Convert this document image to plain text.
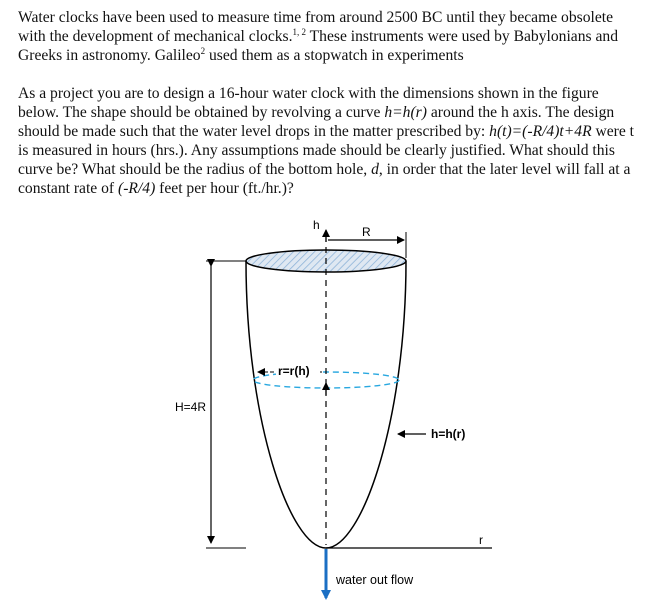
Water clocks have been used to measure time from around 2500 BC until they became obsolete with the development of mechanical clocks.$^{1, 2}$ These instruments were used by Babylonians and Greeks in astronomy. Galileo$^2$ used them as a stopwatch in experiments

As a project you are to design a 16-hour water clock with the dimensions shown in the figure below. The shape should be obtained by revolving a curve h=h(r) around the h axis. The design should be made such that the water level drops in the matter prescribed by: h(t)=(-R/4)t+4R were t is measured in hours (hrs.). Any assumptions made should be clearly justified. What should this curve be? What should be the radius of the bottom hole, d, in order that the later level will fall at a constant rate of (-R/4) feet per hour (ft./hr.)?

H=4R
h	R
r=r(h)
h=h(r)
r
water out flow
